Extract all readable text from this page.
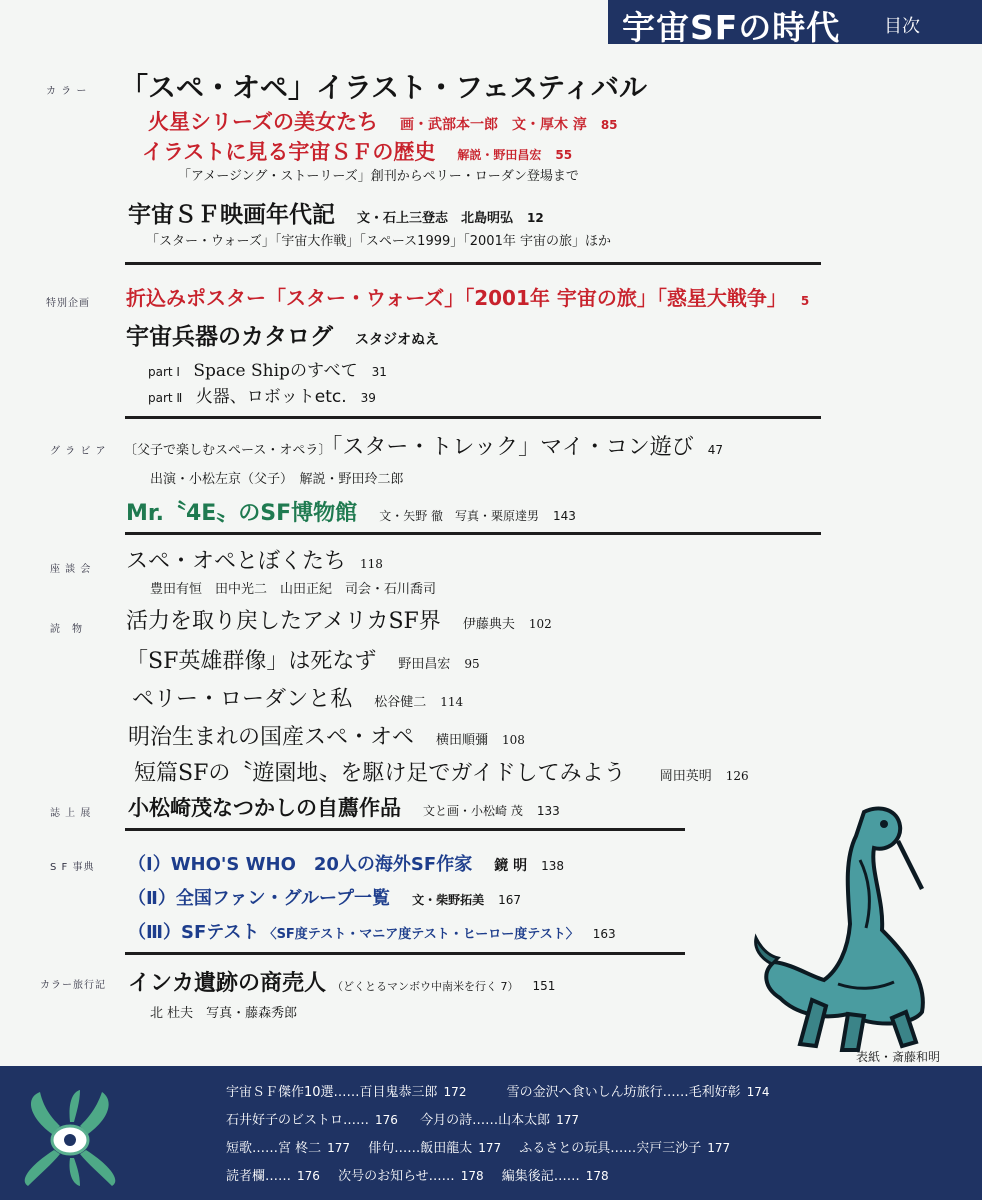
宇宙SFの時代 目次
カ ラ ー 「スペ・オペ」イラスト・フェスティバル
火星シリーズの美女たち 画・武部本一郎　文・厚木 淳 85
イラストに見る宇宙ＳＦの歴史 解説・野田昌宏 55
「アメージング・ストーリーズ」創刊からペリー・ローダン登場まで
宇宙ＳＦ映画年代記 文・石上三登志　北島明弘 12
「スター・ウォーズ」「宇宙大作戦」「スペース1999」「2001年 宇宙の旅」ほか
特別企画 折込みポスター「スター・ウォーズ」「2001年 宇宙の旅」「惑星大戦争」 5
宇宙兵器のカタログ スタジオぬえ
part Ⅰ Space Shipのすべて 31
part Ⅱ 火器、ロボットetc. 39
グ ラ ビ ア 〔父子で楽しむスペース・オペラ〕「スター・トレック」マイ・コン遊び 47
出演・小松左京（父子）　解説・野田玲二郎
Mr.〝4E〟のSF博物館 文・矢野 徹　写真・栗原達男 143
座 談 会 スペ・オペとぼくたち 118
豊田有恒　田中光二　山田正紀　司会・石川喬司
読　物 活力を取り戻したアメリカSF界 伊藤典夫 102
「SF英雄群像」は死なず 野田昌宏 95
ペリー・ローダンと私 松谷健二 114
明治生まれの国産スペ・オペ 横田順彌 108
短篇SFの〝遊園地〟を駆け足でガイドしてみよう	岡田英明 126
誌 上 展 小松崎茂なつかしの自薦作品 文と画・小松崎 茂 133
S F 事典 （Ⅰ）WHO'S WHO　20人の海外SF作家 鏡 明 138
（Ⅱ）全国ファン・グループ一覧 文・柴野拓美 167
（Ⅲ）SFテスト 〈SF度テスト・マニア度テスト・ヒーロー度テスト〉 163
カラー旅行記 インカ遺跡の商売人 （どくとるマンボウ中南米を行く 7） 151
北 杜夫　写真・藤森秀郎
表紙・斎藤和明
宇宙ＳＦ傑作10選……百目鬼恭三郎 172	雪の金沢へ食いしん坊旅行……毛利好彰 174
石井好子のビストロ…… 176 今月の詩……山本太郎 177
短歌……宮 柊二 177 俳句……飯田龍太 177 ふるさとの玩具……宍戸三沙子 177
読者欄…… 176 次号のお知らせ…… 178 編集後記…… 178
